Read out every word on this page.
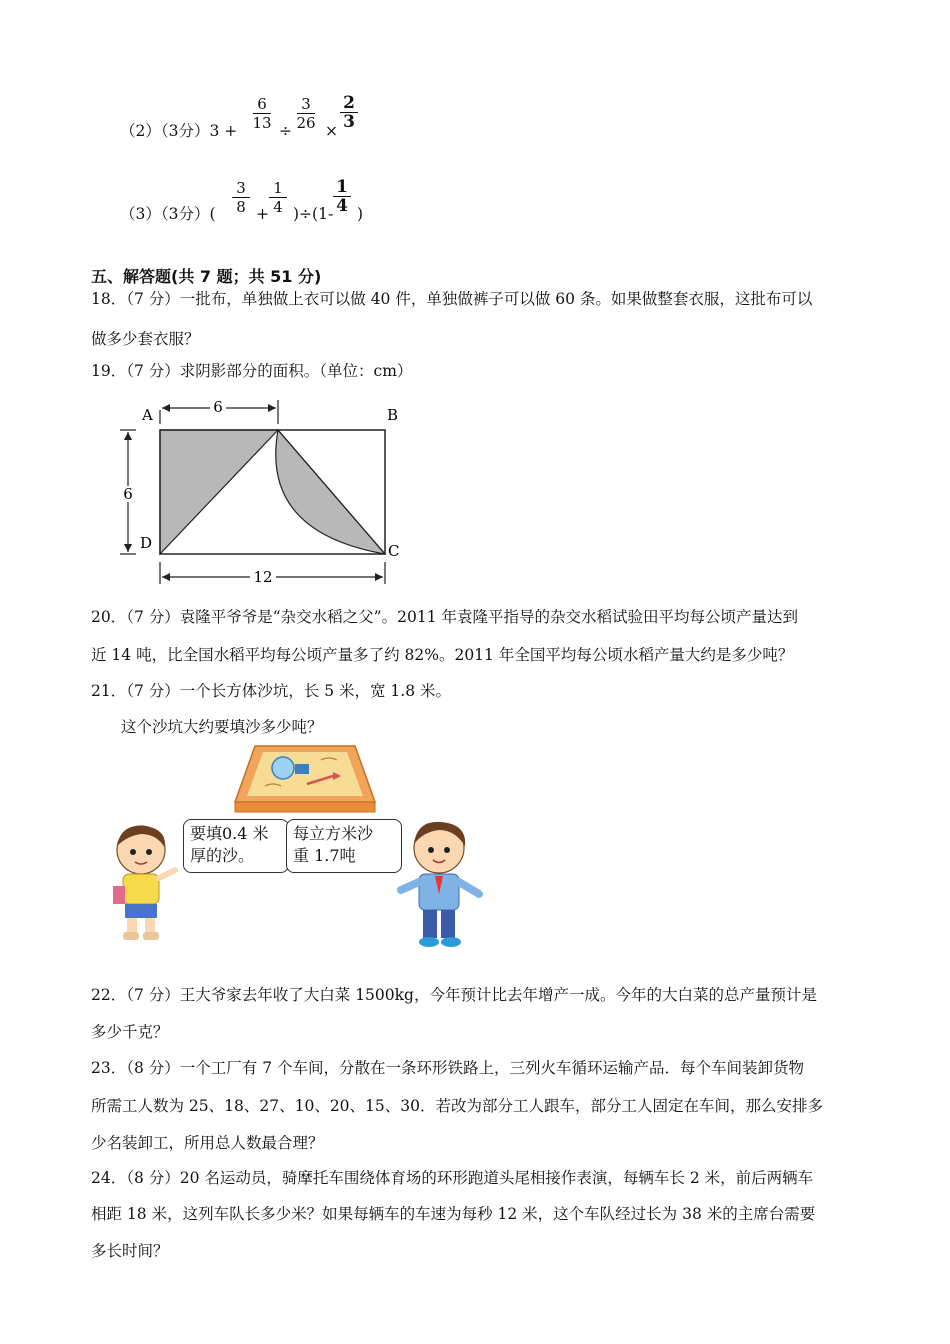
（2）（3分）3 +
6
13 ÷
3
26 ×
2
3
（3）（3分）(
3
8 +
1
4 )÷(1-
1
4 )
五、解答题(共 7 题；共 51 分)
18．（7 分）一批布，单独做上衣可以做 40 件，单独做裤子可以做 60 条。如果做整套衣服，这批布可以
做多少套衣服？
19．（7 分）求阴影部分的面积。（单位：cm）
6
6
12
A	B
C
D
20．（7 分）袁隆平爷爷是“杂交水稻之父”。2011 年袁隆平指导的杂交水稻试验田平均每公顷产量达到
近 14 吨，比全国水稻平均每公顷产量多了约 82%。2011 年全国平均每公顷水稻产量大约是多少吨？
21．（7 分）一个长方体沙坑，长 5 米，宽 1.8 米。
这个沙坑大约要填沙多少吨？
要填0.4 米
厚的沙。
每立方米沙
重 1.7吨
22．（7 分）王大爷家去年收了大白菜 1500kg，今年预计比去年增产一成。今年的大白菜的总产量预计是
多少千克？
23．（8 分）一个工厂有 7 个车间，分散在一条环形铁路上，三列火车循环运输产品．每个车间装卸货物
所需工人数为 25、18、27、10、20、15、30．若改为部分工人跟车，部分工人固定在车间，那么安排多
少名装卸工，所用总人数最合理？
24．（8 分）20 名运动员，骑摩托车围绕体育场的环形跑道头尾相接作表演，每辆车长 2 米，前后两辆车
相距 18 米，这列车队长多少米？如果每辆车的车速为每秒 12 米，这个车队经过长为 38 米的主席台需要
多长时间？
